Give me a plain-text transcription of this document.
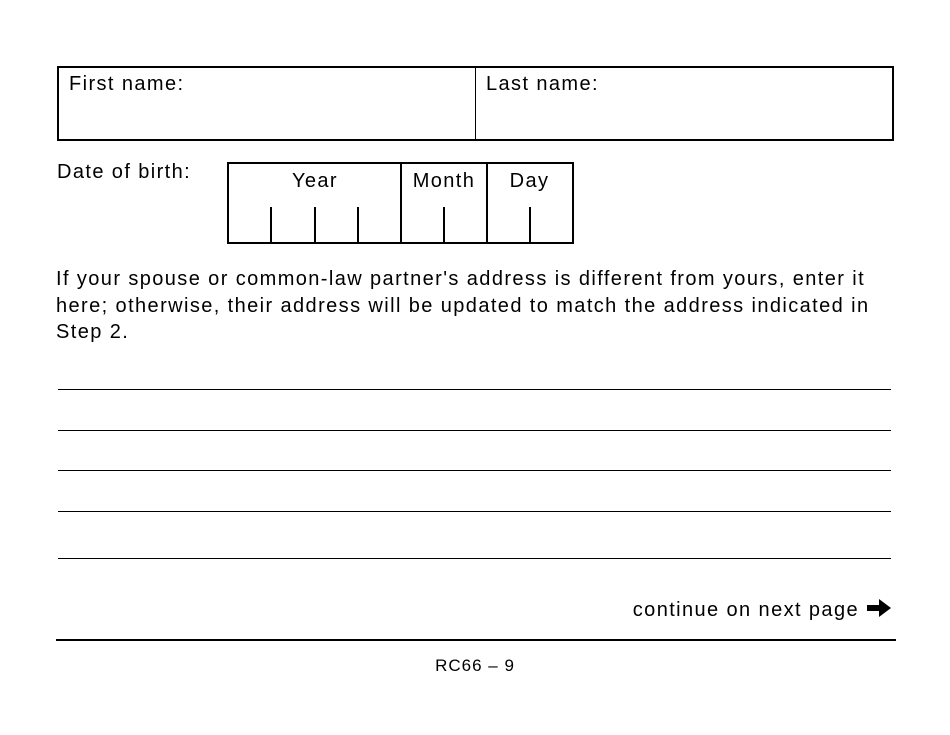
First name:	Last name:
Date of birth:	Year	Month	Day

If your spouse or common-law partner's address is different from yours, enter it here; otherwise, their address will be updated to match the address indicated in Step 2.

continue on next page
RC66 – 9
